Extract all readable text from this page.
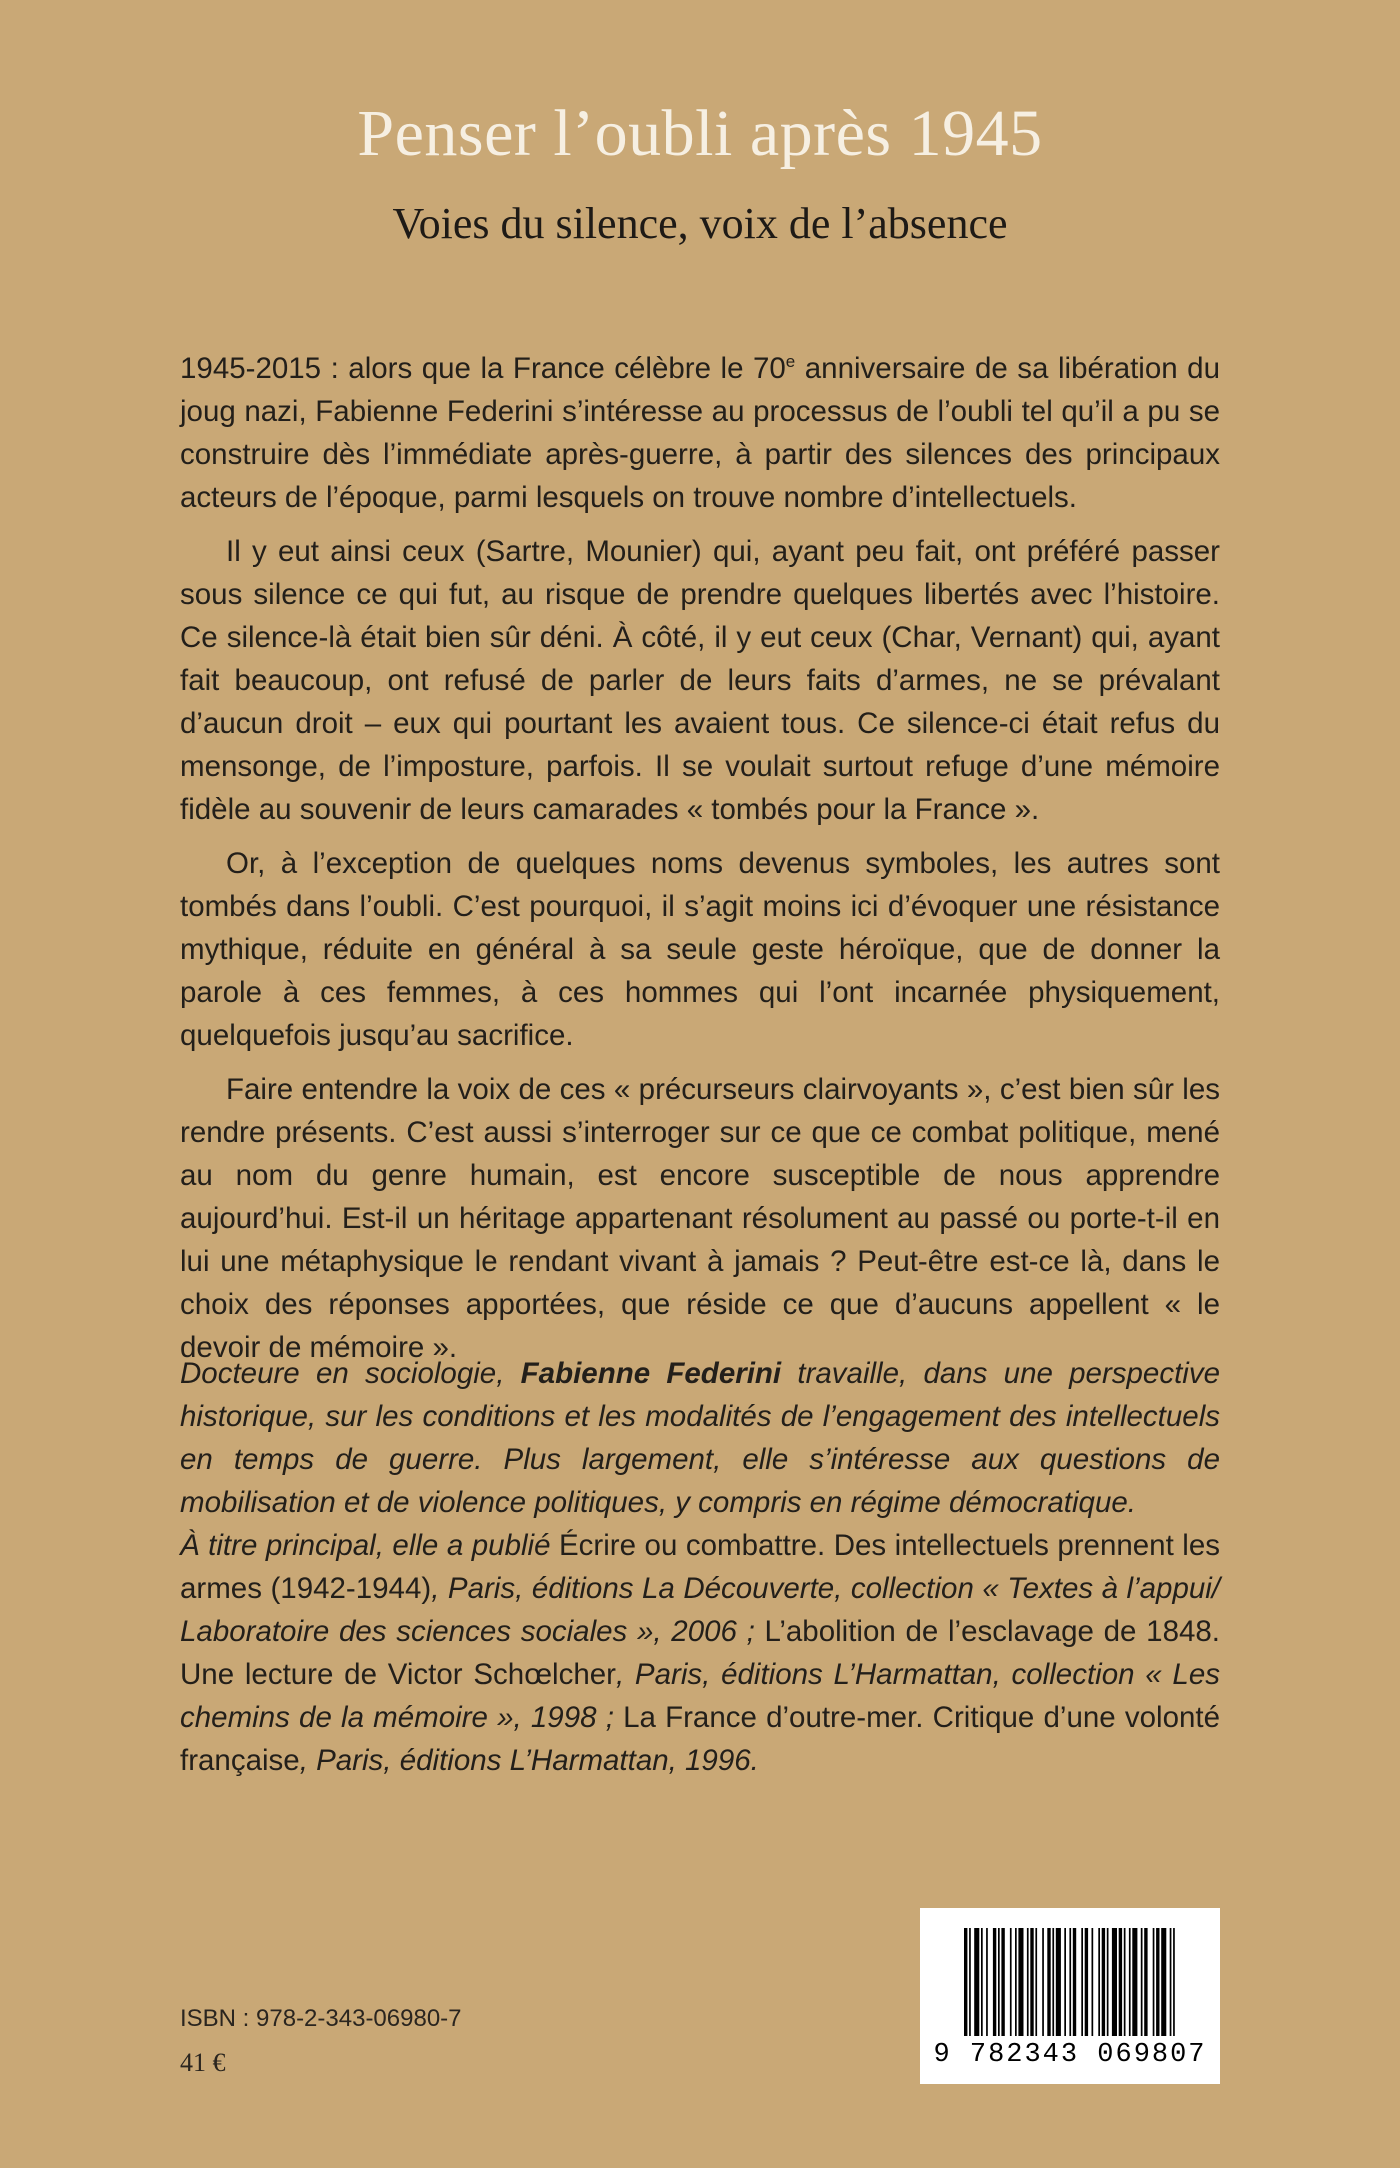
Penser l’oubli après 1945
Voies du silence, voix de l’absence

1945-2015 : alors que la France célèbre le 70e anniversaire de sa libération du joug nazi, Fabienne Federini s’intéresse au processus de l’oubli tel qu’il a pu se construire dès l’immédiate après-guerre, à partir des silences des principaux acteurs de l’époque, parmi lesquels on trouve nombre d’intellectuels.

Il y eut ainsi ceux (Sartre, Mounier) qui, ayant peu fait, ont préféré passer sous silence ce qui fut, au risque de prendre quelques libertés avec l’histoire. Ce silence-là était bien sûr déni. À côté, il y eut ceux (Char, Vernant) qui, ayant fait beaucoup, ont refusé de parler de leurs faits d’armes, ne se prévalant d’aucun droit – eux qui pourtant les avaient tous. Ce silence-ci était refus du mensonge, de l’imposture, parfois. Il se voulait surtout refuge d’une mémoire fidèle au souvenir de leurs camarades « tombés pour la France ».

Or, à l’exception de quelques noms devenus symboles, les autres sont tombés dans l’oubli. C’est pourquoi, il s’agit moins ici d’évoquer une résistance mythique, réduite en général à sa seule geste héroïque, que de donner la parole à ces femmes, à ces hommes qui l’ont incarnée physiquement, quelquefois jusqu’au sacrifice.

Faire entendre la voix de ces « précurseurs clairvoyants », c’est bien sûr les rendre présents. C’est aussi s’interroger sur ce que ce combat politique, mené au nom du genre humain, est encore susceptible de nous apprendre aujourd’hui. Est-il un héritage appartenant résolument au passé ou porte-t-il en lui une métaphysique le rendant vivant à jamais ? Peut-être est-ce là, dans le choix des réponses apportées, que réside ce que d’aucuns appellent « le devoir de mémoire ».

Docteure en sociologie, Fabienne Federini travaille, dans une perspective historique, sur les conditions et les modalités de l’engagement des intellectuels en temps de guerre. Plus largement, elle s’intéresse aux questions de mobilisation et de violence politiques, y compris en régime démocratique.

À titre principal, elle a publié Écrire ou combattre. Des intellectuels prennent les armes (1942-1944), Paris, éditions La Découverte, collection « Textes à l’appui/ Laboratoire des sciences sociales », 2006 ; L’abolition de l’esclavage de 1848. Une lecture de Victor Schœlcher, Paris, éditions L’Harmattan, collection « Les chemins de la mémoire », 1998 ; La France d’outre-mer. Critique d’une volonté française, Paris, éditions L’Harmattan, 1996.

ISBN : 978-2-343-06980-7
41 €	9 782343 069807
